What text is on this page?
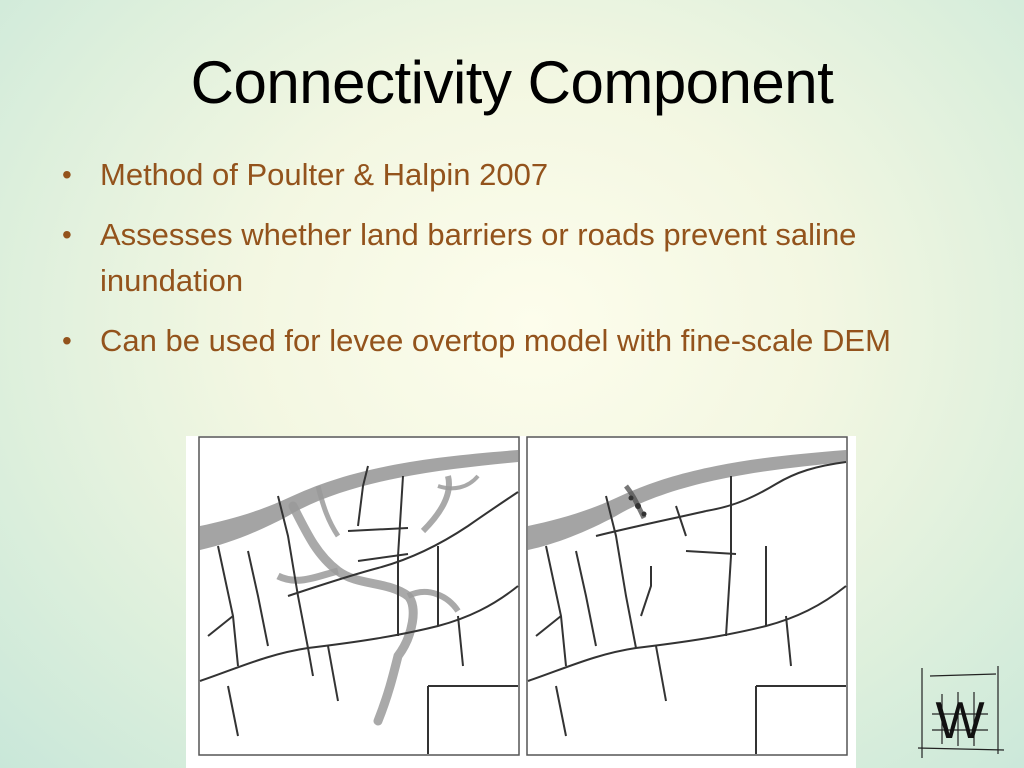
Connectivity Component
• Method of Poulter & Halpin 2007
• Assesses whether land barriers or roads prevent saline inundation
• Can be used for levee overtop model with fine-scale DEM
W
